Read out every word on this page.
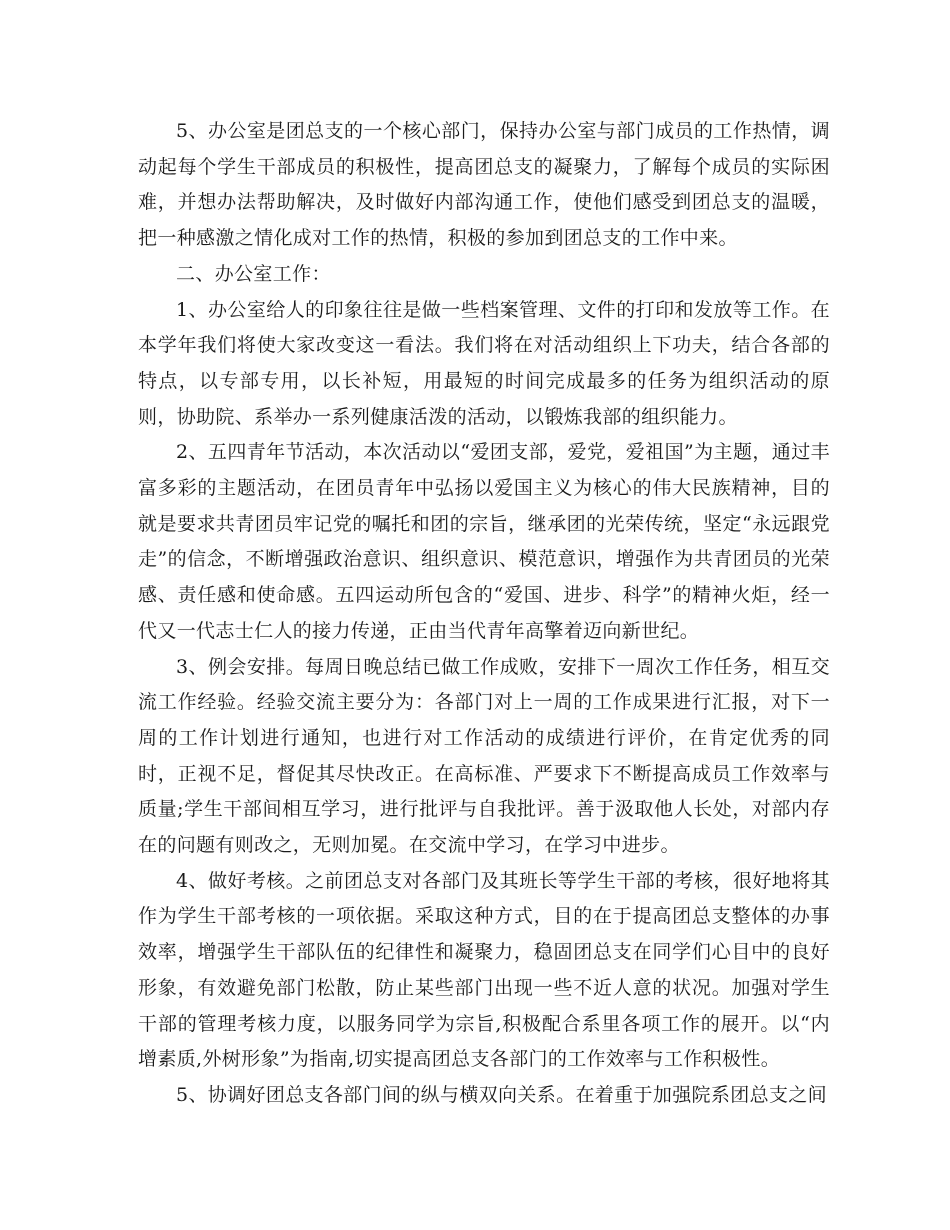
5、办公室是团总支的一个核心部门，保持办公室与部门成员的工作热情，调动起每个学生干部成员的积极性，提高团总支的凝聚力，了解每个成员的实际困难，并想办法帮助解决，及时做好内部沟通工作，使他们感受到团总支的温暖，把一种感激之情化成对工作的热情，积极的参加到团总支的工作中来。

二、办公室工作：

1、办公室给人的印象往往是做一些档案管理、文件的打印和发放等工作。在本学年我们将使大家改变这一看法。我们将在对活动组织上下功夫，结合各部的特点，以专部专用，以长补短，用最短的时间完成最多的任务为组织活动的原则，协助院、系举办一系列健康活泼的活动，以锻炼我部的组织能力。

2、五四青年节活动，本次活动以“爱团支部，爱党，爱祖国”为主题，通过丰富多彩的主题活动，在团员青年中弘扬以爱国主义为核心的伟大民族精神，目的就是要求共青团员牢记党的嘱托和团的宗旨，继承团的光荣传统，坚定“永远跟党走”的信念，不断增强政治意识、组织意识、模范意识，增强作为共青团员的光荣感、责任感和使命感。五四运动所包含的“爱国、进步、科学”的精神火炬，经一代又一代志士仁人的接力传递，正由当代青年高擎着迈向新世纪。

3、例会安排。每周日晚总结已做工作成败，安排下一周次工作任务，相互交流工作经验。经验交流主要分为：各部门对上一周的工作成果进行汇报，对下一周的工作计划进行通知，也进行对工作活动的成绩进行评价，在肯定优秀的同时，正视不足，督促其尽快改正。在高标准、严要求下不断提高成员工作效率与质量;学生干部间相互学习，进行批评与自我批评。善于汲取他人长处，对部内存在的问题有则改之，无则加冕。在交流中学习，在学习中进步。

4、做好考核。之前团总支对各部门及其班长等学生干部的考核，很好地将其作为学生干部考核的一项依据。采取这种方式，目的在于提高团总支整体的办事效率，增强学生干部队伍的纪律性和凝聚力，稳固团总支在同学们心目中的良好形象，有效避免部门松散，防止某些部门出现一些不近人意的状况。加强对学生干部的管理考核力度，以服务同学为宗旨,积极配合系里各项工作的展开。以“内增素质,外树形象”为指南,切实提高团总支各部门的工作效率与工作积极性。

5、协调好团总支各部门间的纵与横双向关系。在着重于加强院系团总支之间
